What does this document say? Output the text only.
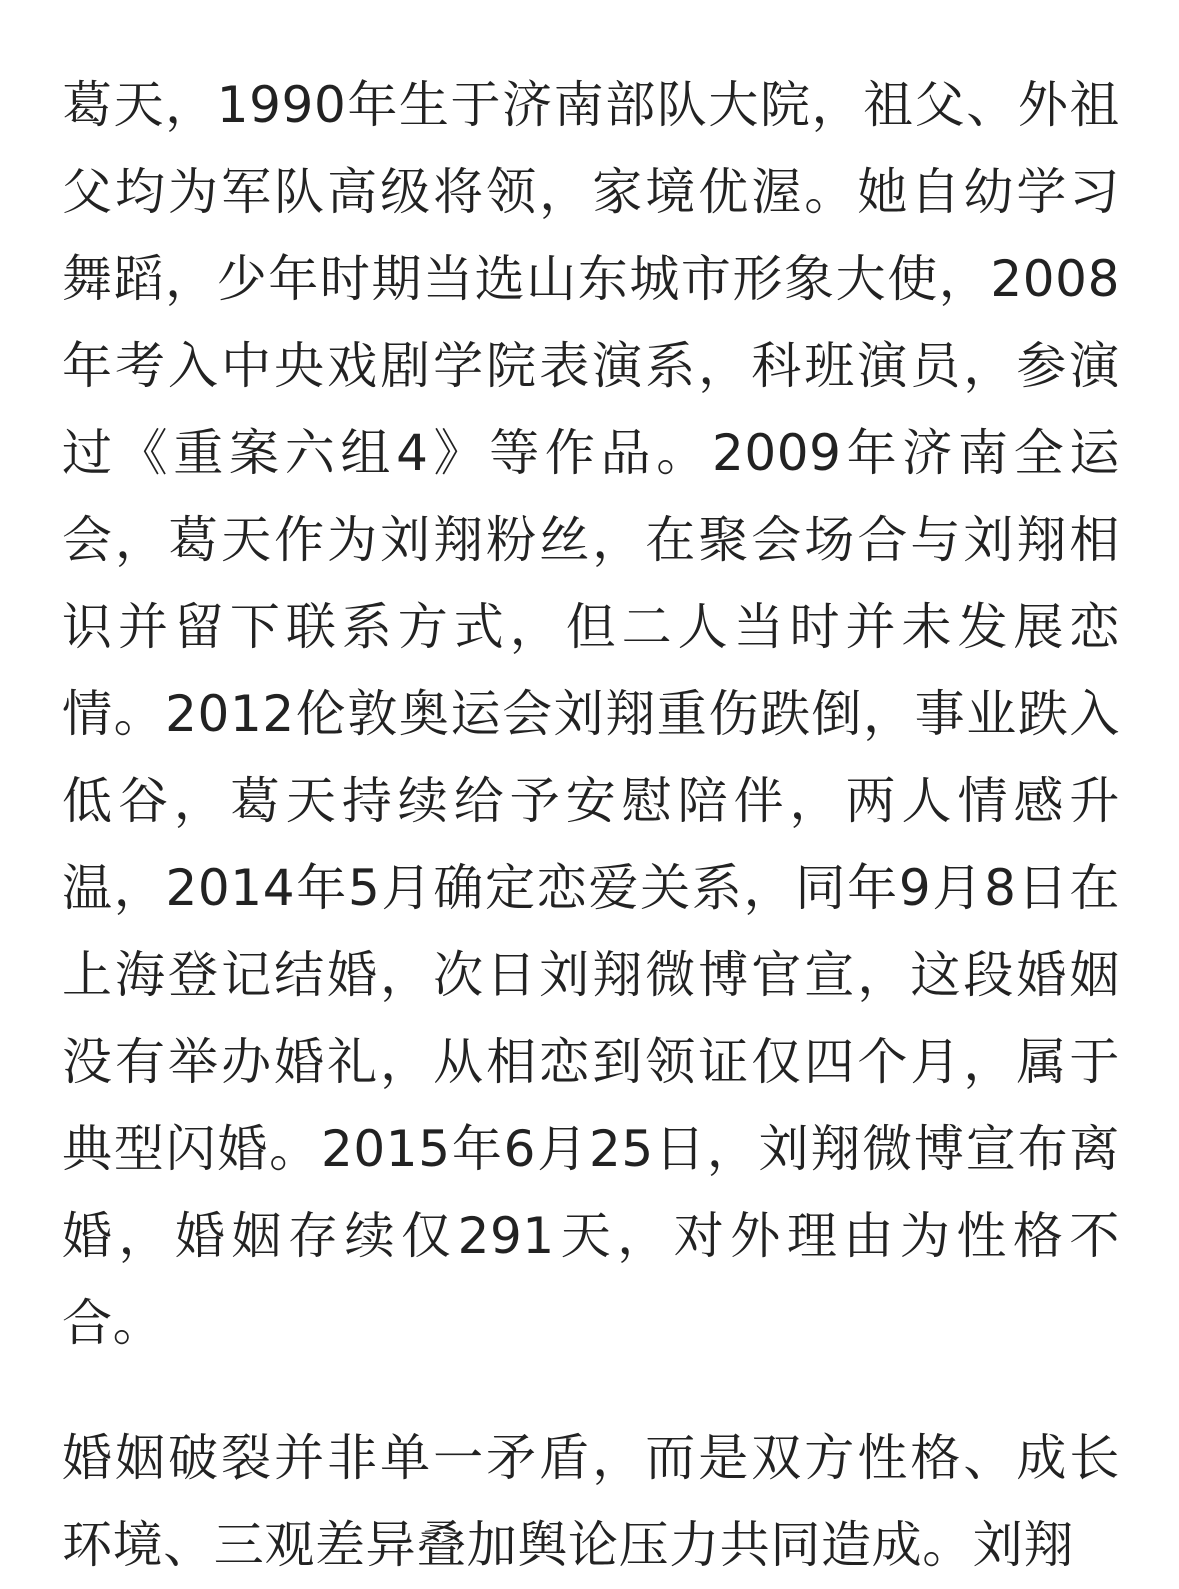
葛天，1990年生于济南部队大院，祖父、外祖父均为军队高级将领，家境优渥。她自幼学习舞蹈，少年时期当选山东城市形象大使，2008年考入中央戏剧学院表演系，科班演员，参演过《重案六组4》等作品。2009年济南全运会，葛天作为刘翔粉丝，在聚会场合与刘翔相识并留下联系方式，但二人当时并未发展恋情。2012伦敦奥运会刘翔重伤跌倒，事业跌入低谷，葛天持续给予安慰陪伴，两人情感升温，2014年5月确定恋爱关系，同年9月8日在上海登记结婚，次日刘翔微博官宣，这段婚姻没有举办婚礼，从相恋到领证仅四个月，属于典型闪婚。2015年6月25日，刘翔微博宣布离婚，婚姻存续仅291天，对外理由为性格不合。

婚姻破裂并非单一矛盾，而是双方性格、成长环境、三观差异叠加舆论压力共同造成。刘翔
